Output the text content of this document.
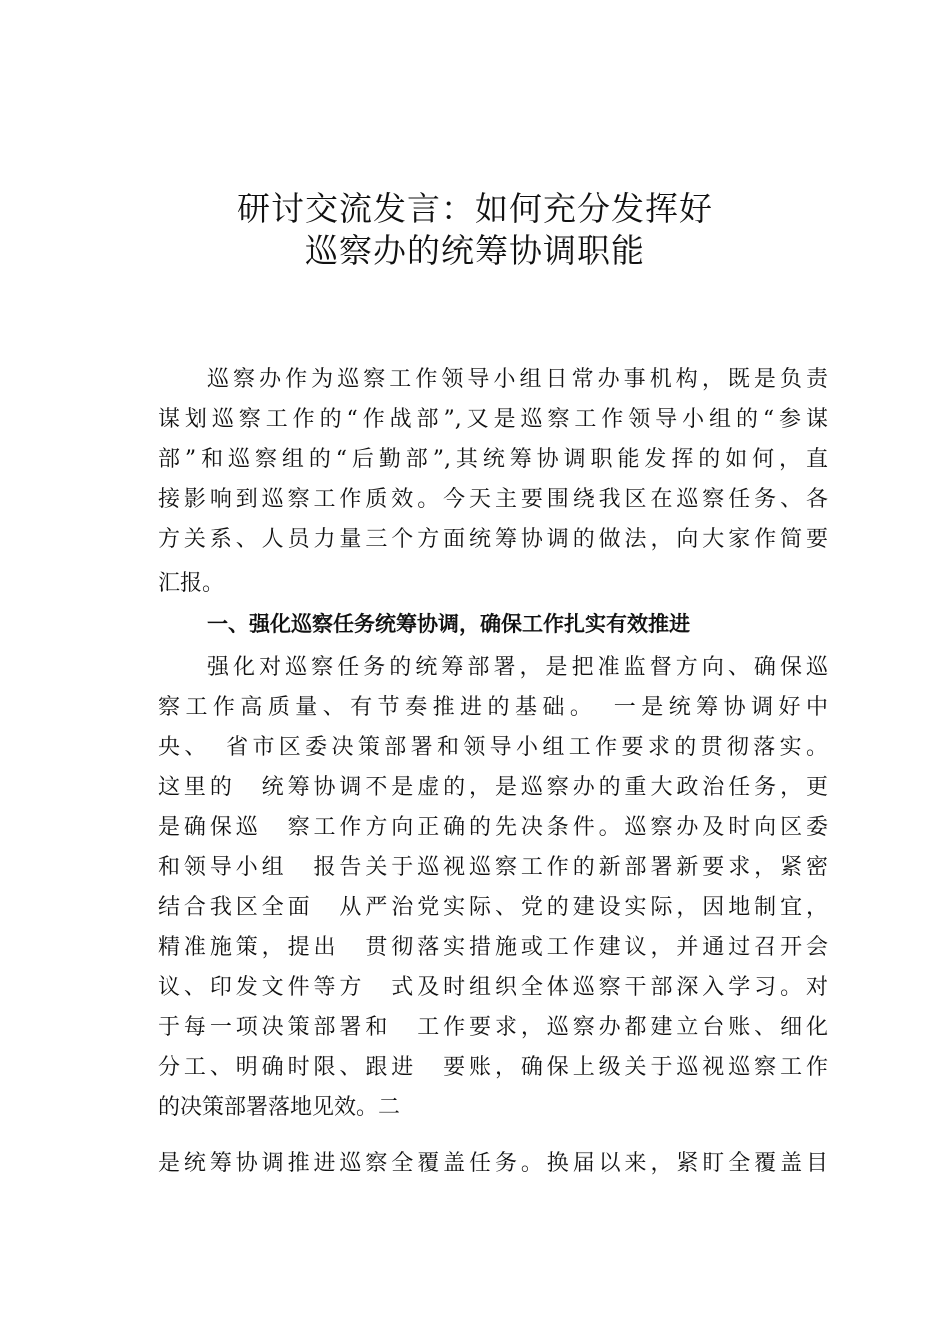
研讨交流发言：如何充分发挥好
巡察办的统筹协调职能
巡察办作为巡察工作领导小组日常办事机构，既是负责
谋划巡察工作的“作战部”,又是巡察工作领导小组的“参谋
部”和巡察组的“后勤部”,其统筹协调职能发挥的如何，直
接影响到巡察工作质效。今天主要围绕我区在巡察任务、各
方关系、人员力量三个方面统筹协调的做法，向大家作简要
汇报。
一、强化巡察任务统筹协调，确保工作扎实有效推进
强化对巡察任务的统筹部署，是把准监督方向、确保巡
察工作高质量、有节奏推进的基础。　一是统筹协调好中
央、　省市区委决策部署和领导小组工作要求的贯彻落实。
这里的　统筹协调不是虚的，是巡察办的重大政治任务，更
是确保巡　察工作方向正确的先决条件。巡察办及时向区委
和领导小组　报告关于巡视巡察工作的新部署新要求，紧密
结合我区全面　从严治党实际、党的建设实际，因地制宜，
精准施策，提出　贯彻落实措施或工作建议，并通过召开会
议、印发文件等方　式及时组织全体巡察干部深入学习。对
于每一项决策部署和　工作要求，巡察办都建立台账、细化
分工、明确时限、跟进　要账，确保上级关于巡视巡察工作
的决策部署落地见效。二
是统筹协调推进巡察全覆盖任务。换届以来，紧盯全覆盖目
